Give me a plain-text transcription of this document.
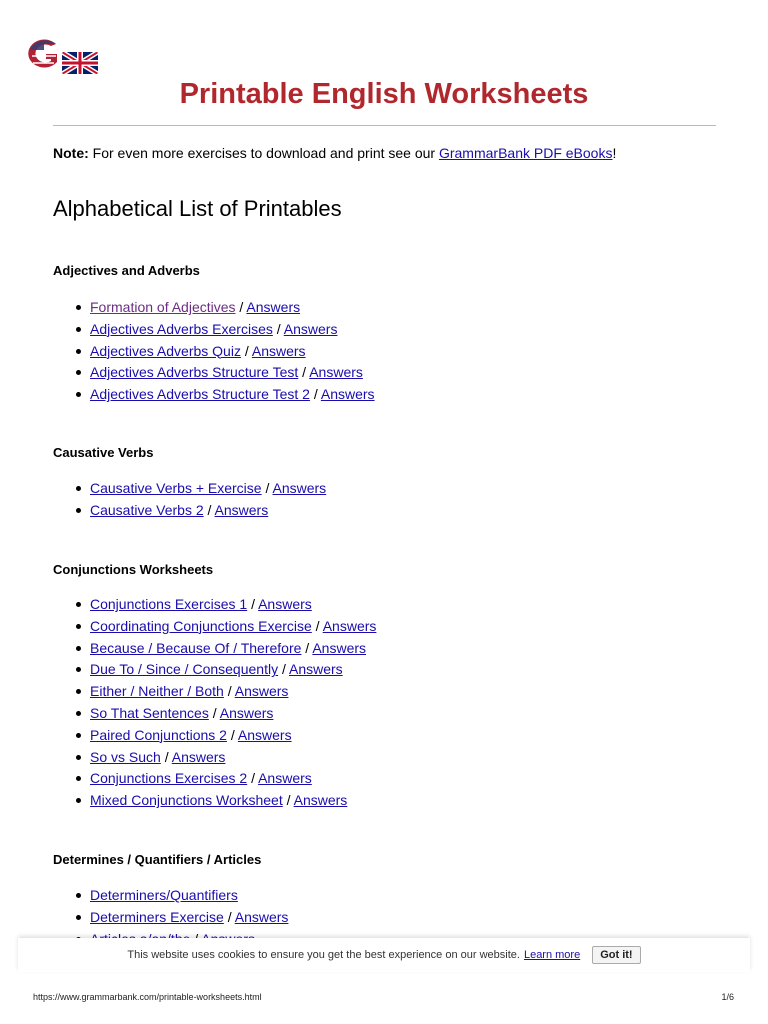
Printable English Worksheets

Note: For even more exercises to download and print see our GrammarBank PDF eBooks!

Alphabetical List of Printables
Adjectives and Adverbs
Formation of Adjectives / Answers
Adjectives Adverbs Exercises / Answers
Adjectives Adverbs Quiz / Answers
Adjectives Adverbs Structure Test / Answers
Adjectives Adverbs Structure Test 2 / Answers
Causative Verbs
Causative Verbs + Exercise / Answers
Causative Verbs 2 / Answers
Conjunctions Worksheets
Conjunctions Exercises 1 / Answers
Coordinating Conjunctions Exercise / Answers
Because / Because Of / Therefore / Answers
Due To / Since / Consequently / Answers
Either / Neither / Both / Answers
So That Sentences / Answers
Paired Conjunctions 2 / Answers
So vs Such / Answers
Conjunctions Exercises 2 / Answers
Mixed Conjunctions Worksheet / Answers
Determines / Quantifiers / Articles
Determiners/Quantifiers
Determiners Exercise / Answers
This website uses cookies to ensure you get the best experience on our website. Learn more	Got it!
https://www.grammarbank.com/printable-worksheets.html	1/6
